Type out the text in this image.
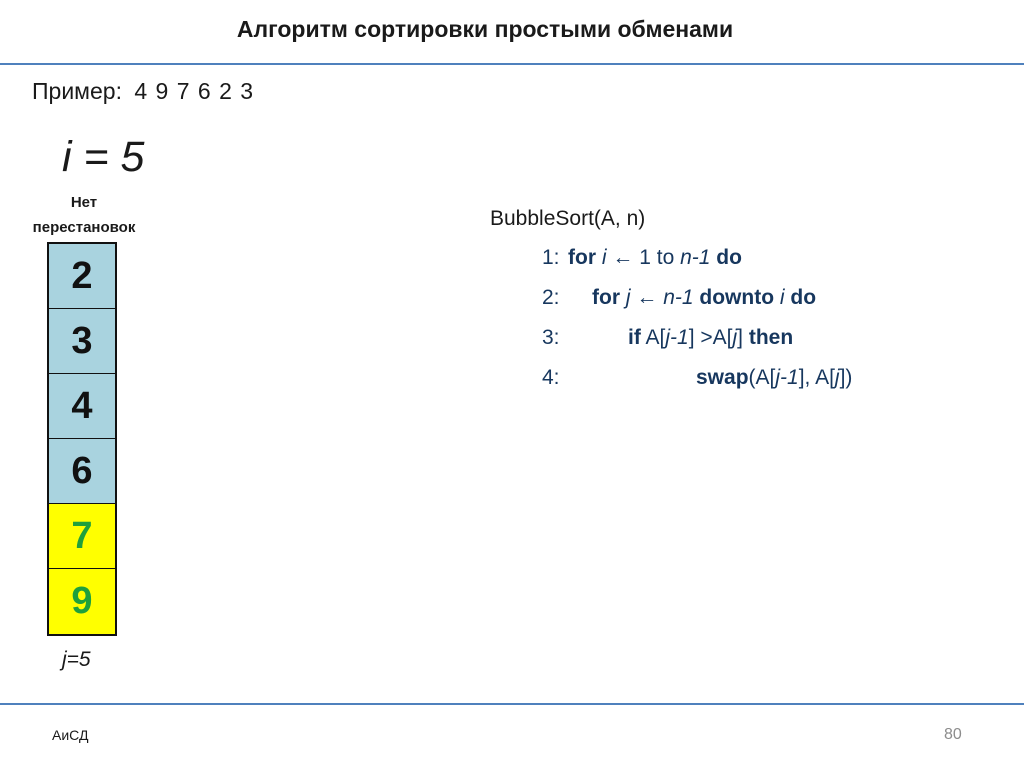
Алгоритм сортировки простыми обменами
Пример: 4 9 7 6 2 3
i = 5
Нет
перестановок
2
3
4
6
7
9
j=5
BubbleSort(A, n)
1: for i ← 1 to n-1 do
2: for j ← n-1 downto i do
3:	if A[j-1] >A[j] then
4:	swap(A[j-1], A[j])
АиСД	80
